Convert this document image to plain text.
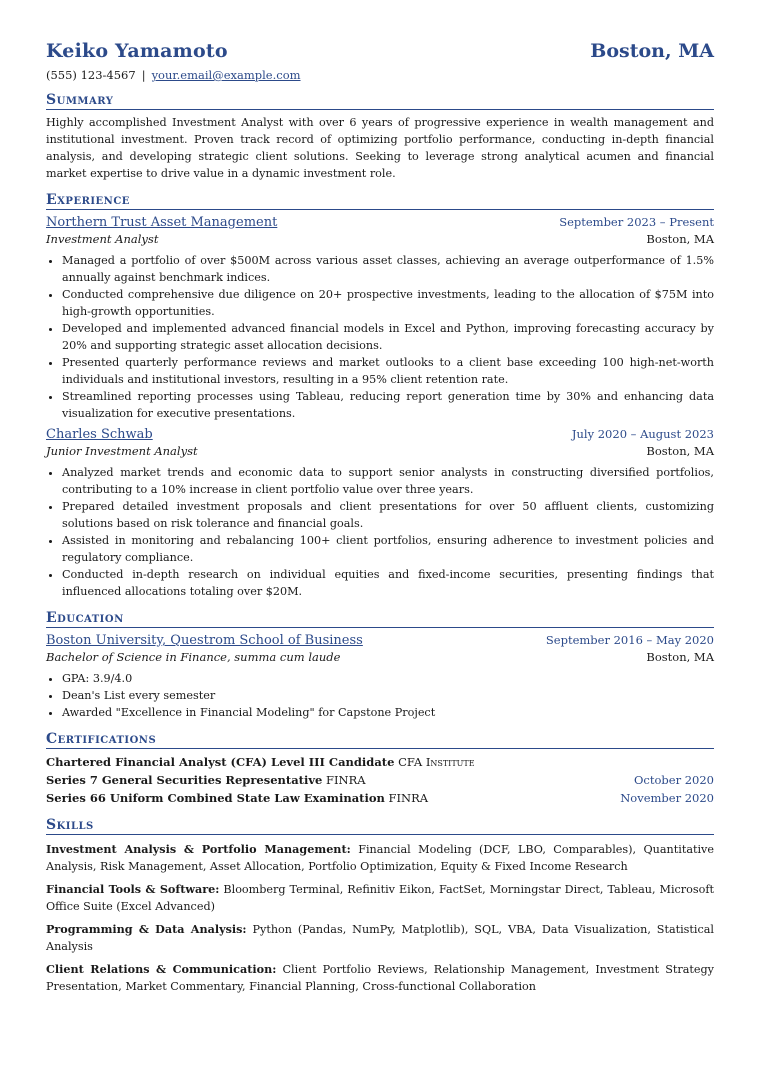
Keiko Yamamoto	Boston, MA
(555) 123-4567 | your.email@example.com
Summary
Highly accomplished Investment Analyst with over 6 years of progressive experience in wealth management and institutional investment. Proven track record of optimizing portfolio performance, conducting in-depth financial analysis, and developing strategic client solutions. Seeking to leverage strong analytical acumen and financial market expertise to drive value in a dynamic investment role.
Experience
Northern Trust Asset Management	September 2023 – Present
Investment Analyst	Boston, MA
• Managed a portfolio of over $500M across various asset classes, achieving an average outperformance of 1.5% annually against benchmark indices.
• Conducted comprehensive due diligence on 20+ prospective investments, leading to the allocation of $75M into high-growth opportunities.
• Developed and implemented advanced financial models in Excel and Python, improving forecasting accuracy by 20% and supporting strategic asset allocation decisions.
• Presented quarterly performance reviews and market outlooks to a client base exceeding 100 high-net-worth individuals and institutional investors, resulting in a 95% client retention rate.
• Streamlined reporting processes using Tableau, reducing report generation time by 30% and enhancing data visualization for executive presentations.
Charles Schwab	July 2020 – August 2023
Junior Investment Analyst	Boston, MA
• Analyzed market trends and economic data to support senior analysts in constructing diversified portfolios, contributing to a 10% increase in client portfolio value over three years.
• Prepared detailed investment proposals and client presentations for over 50 affluent clients, customizing solutions based on risk tolerance and financial goals.
• Assisted in monitoring and rebalancing 100+ client portfolios, ensuring adherence to investment policies and regulatory compliance.
• Conducted in-depth research on individual equities and fixed-income securities, presenting findings that influenced allocations totaling over $20M.
Education
Boston University, Questrom School of Business	September 2016 – May 2020
Bachelor of Science in Finance, summa cum laude	Boston, MA
• GPA: 3.9/4.0
• Dean's List every semester
• Awarded "Excellence in Financial Modeling" for Capstone Project
Certifications
Chartered Financial Analyst (CFA) Level III Candidate CFA Institute
Series 7 General Securities Representative FINRA	October 2020
Series 66 Uniform Combined State Law Examination FINRA	November 2020
Skills
Investment Analysis & Portfolio Management: Financial Modeling (DCF, LBO, Comparables), Quantitative Analysis, Risk Management, Asset Allocation, Portfolio Optimization, Equity & Fixed Income Research
Financial Tools & Software: Bloomberg Terminal, Refinitiv Eikon, FactSet, Morningstar Direct, Tableau, Microsoft Office Suite (Excel Advanced)
Programming & Data Analysis: Python (Pandas, NumPy, Matplotlib), SQL, VBA, Data Visualization, Statistical Analysis
Client Relations & Communication: Client Portfolio Reviews, Relationship Management, Investment Strategy Presentation, Market Commentary, Financial Planning, Cross-functional Collaboration
